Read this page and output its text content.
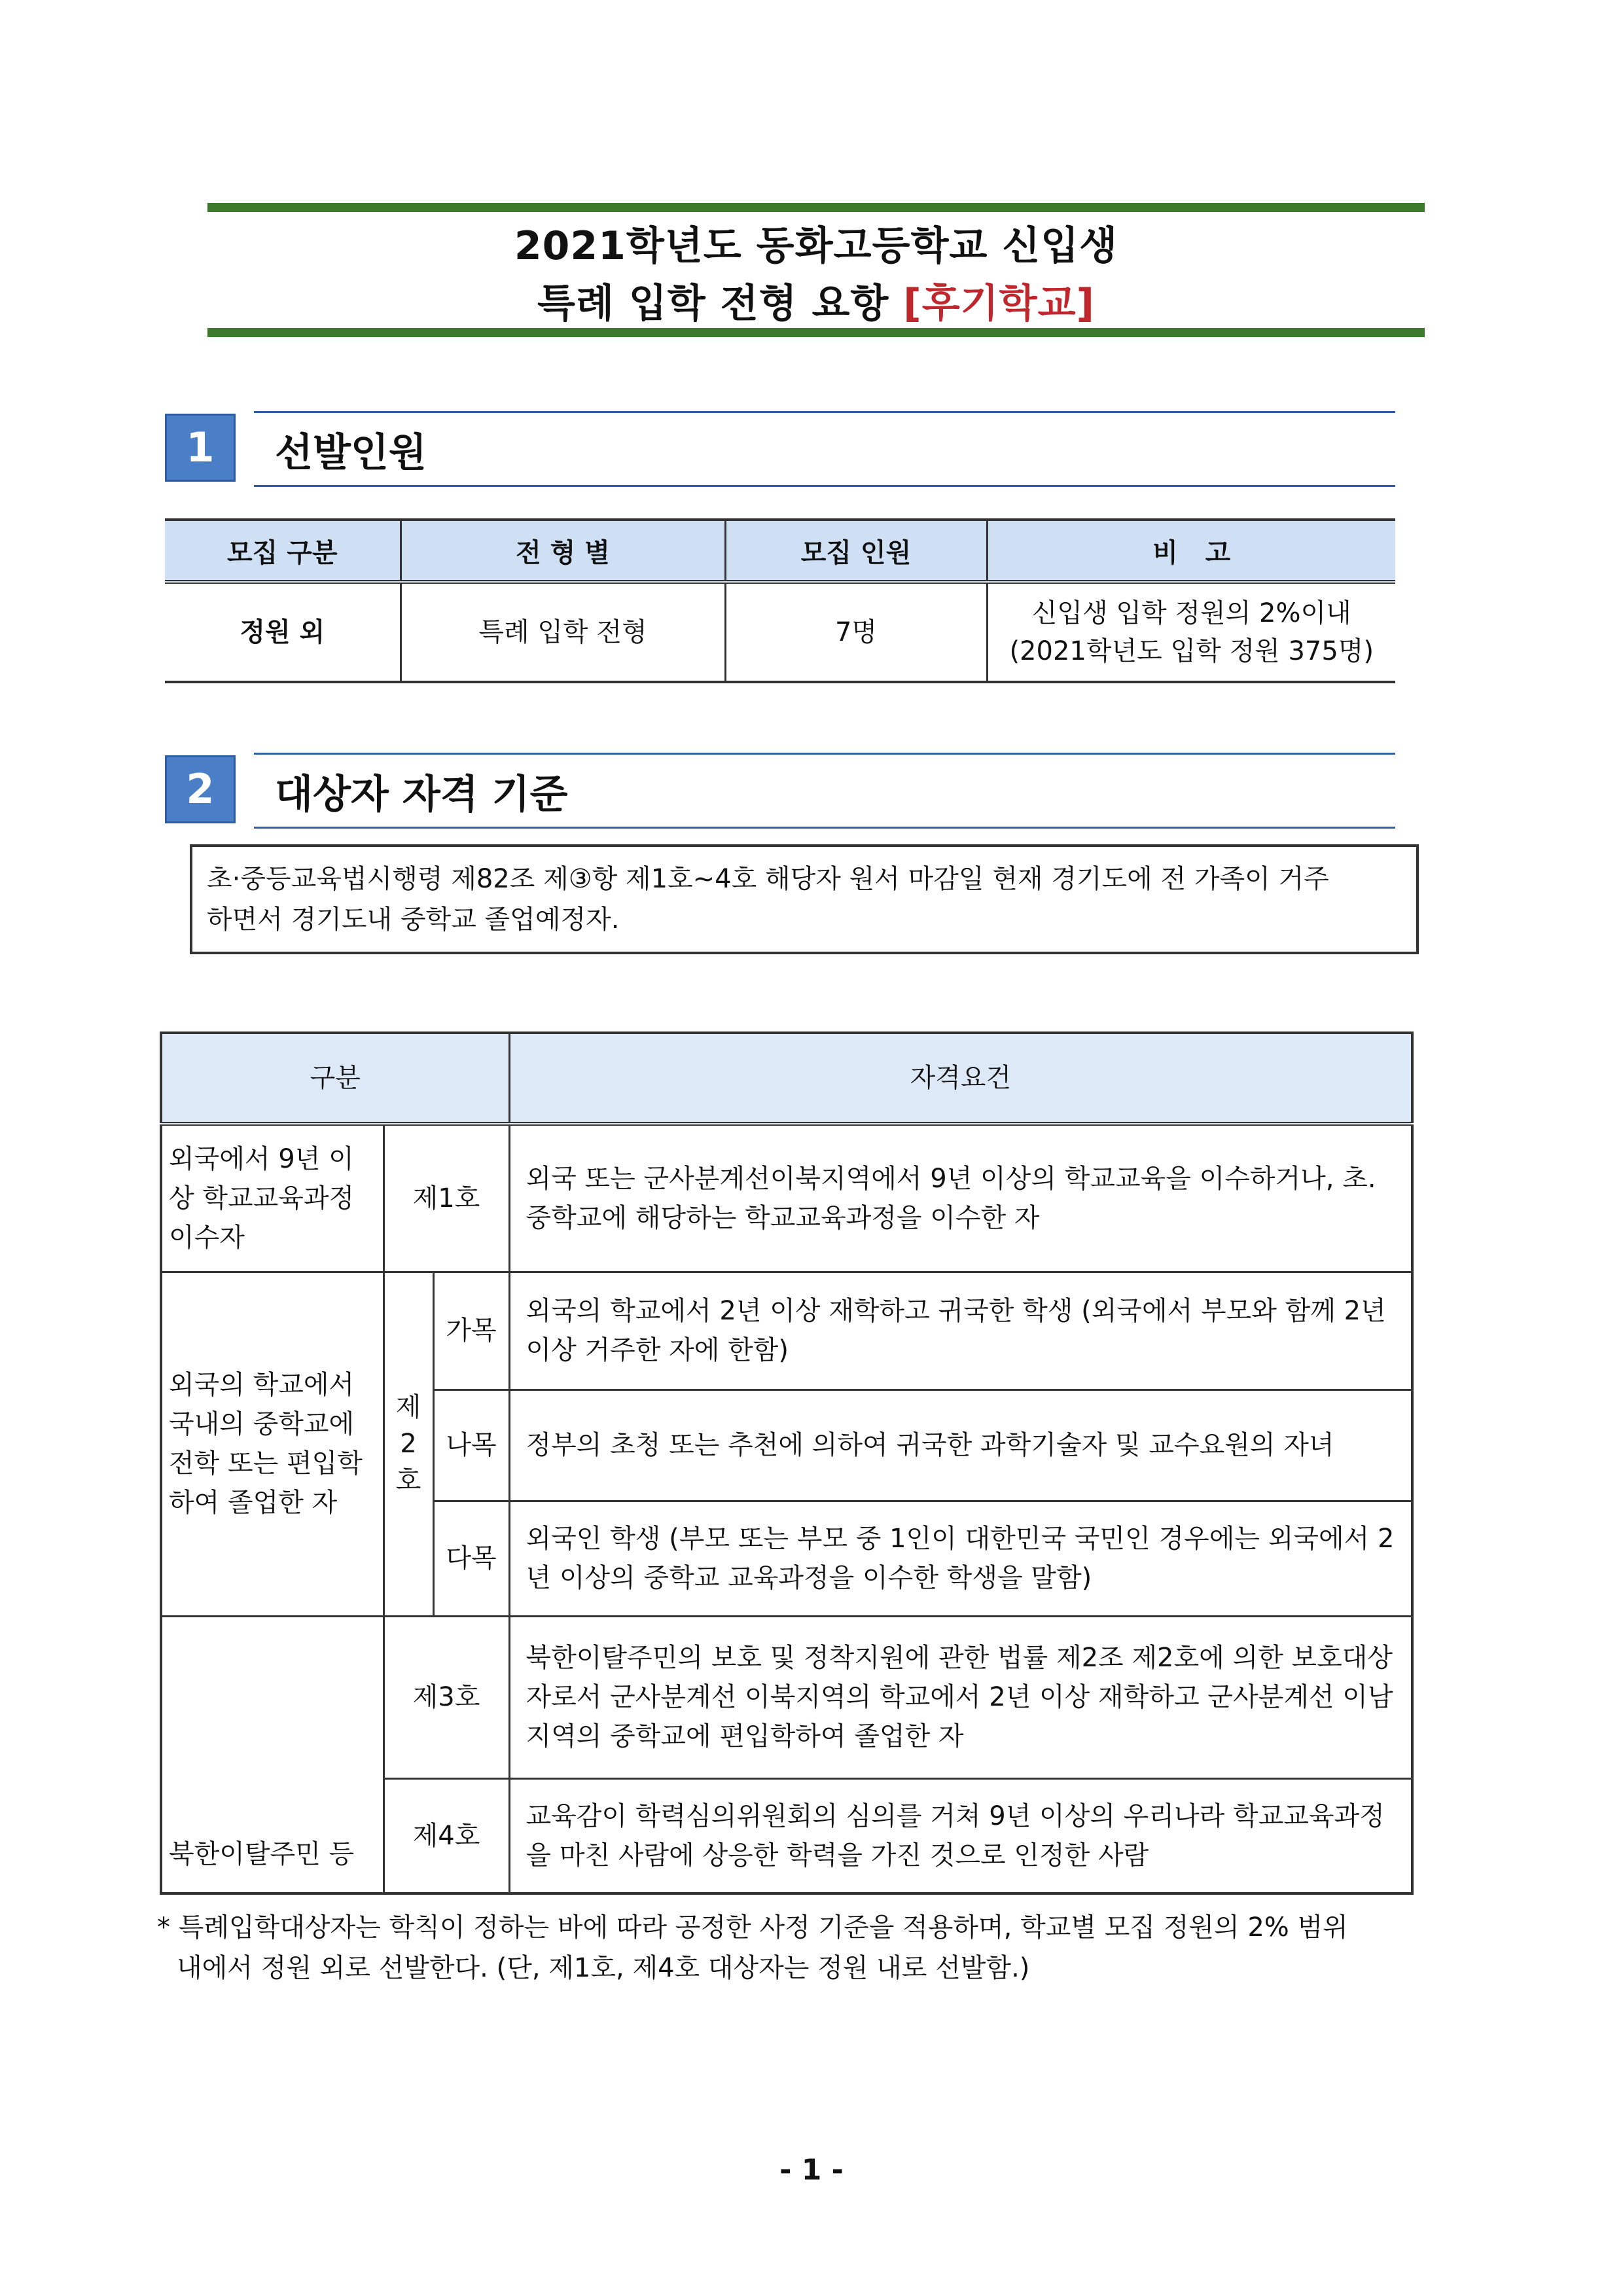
2021학년도 동화고등학교 신입생
특례 입학 전형 요항 [후기학교]
1	선발인원
모집 구분	전 형 별	모집 인원	비   고
정원 외	특례 입학 전형	7명	신입생 입학 정원의 2%이내
(2021학년도 입학 정원 375명)
2	대상자 자격 기준
초·중등교육법시행령 제82조 제③항 제1호~4호 해당자 원서 마감일 현재 경기도에 전 가족이 거주
하면서 경기도내 중학교 졸업예정자.
구분			자격요건
외국에서 9년 이상 학교교육과정 이수자	제1호		외국 또는 군사분계선이북지역에서 9년 이상의 학교교육을 이수하거나, 초.중학교에 해당하는 학교교육과정을 이수한 자
외국의 학교에서 국내의 중학교에 전학 또는 편입학하여 졸업한 자	제 2 호	가목	외국의 학교에서 2년 이상 재학하고 귀국한 학생 (외국에서 부모와 함께 2년 이상 거주한 자에 한함)
		나목	정부의 초청 또는 추천에 의하여 귀국한 과학기술자 및 교수요원의 자녀
		다목	외국인 학생 (부모 또는 부모 중 1인이 대한민국 국민인 경우에는 외국에서 2년 이상의 중학교 교육과정을 이수한 학생을 말함)
북한이탈주민 등	제3호		북한이탈주민의 보호 및 정착지원에 관한 법률 제2조 제2호에 의한 보호대상자로서 군사분계선 이북지역의 학교에서 2년 이상 재학하고 군사분계선 이남지역의 중학교에 편입학하여 졸업한 자
	제4호		교육감이 학력심의위원회의 심의를 거쳐 9년 이상의 우리나라 학교교육과정을 마친 사람에 상응한 학력을 가진 것으로 인정한 사람
* 특례입학대상자는 학칙이 정하는 바에 따라 공정한 사정 기준을 적용하며, 학교별 모집 정원의 2% 범위
내에서 정원 외로 선발한다. (단, 제1호, 제4호 대상자는 정원 내로 선발함.)
- 1 -
